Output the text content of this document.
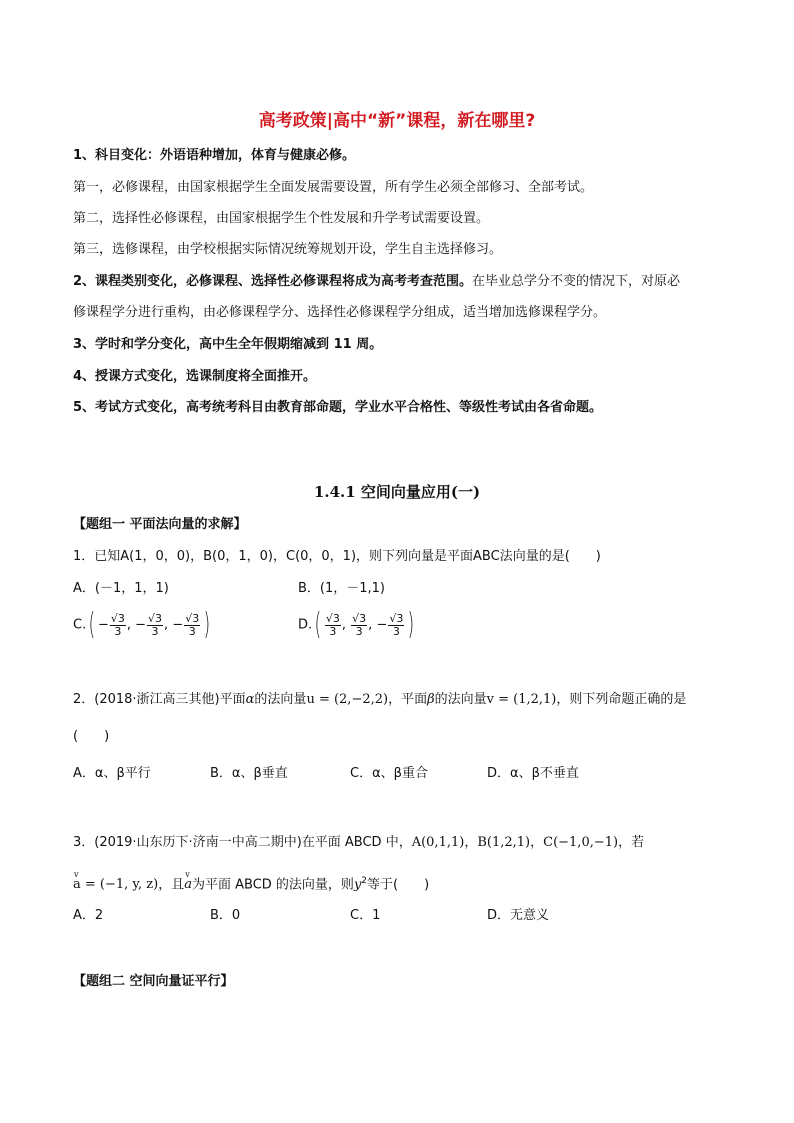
高考政策|高中“新”课程，新在哪里?
1、科目变化：外语语种增加，体育与健康必修。
第一，必修课程，由国家根据学生全面发展需要设置，所有学生必须全部修习、全部考试。
第二，选择性必修课程，由国家根据学生个性发展和升学考试需要设置。
第三，选修课程，由学校根据实际情况统筹规划开设，学生自主选择修习。
2、课程类别变化，必修课程、选择性必修课程将成为高考考查范围。在毕业总学分不变的情况下，对原必
修课程学分进行重构，由必修课程学分、选择性必修课程学分组成，适当增加选修课程学分。
3、学时和学分变化，高中生全年假期缩减到 11 周。
4、授课方式变化，选课制度将全面推开。
5、考试方式变化，高考统考科目由教育部命题，学业水平合格性、等级性考试由各省命题。
1.4.1 空间向量应用(一)
【题组一 平面法向量的求解】
1．已知A(1，0，0)，B(0，1，0)，C(0，0，1)，则下列向量是平面ABC法向量的是(　　)
A．(－1，1，1)	B．(1，－1,1)
$C.( - \frac{√3}{3}$ , − $\frac{√3}{3}$ , − $\frac{√3}{3}$ )	$D.( \frac{√3}{3}$ , $\frac{√3}{3}$ , − $\frac{√3}{3}$ )
2．(2018·浙江高三其他)平面α的法向量u = (2,−2,2)，平面β的法向量v = (1,2,1)，则下列命题正确的是
(　　)
A．α、β平行	B．α、β垂直	C．α、β重合	D．α、β不垂直
3．(2019·山东历下·济南一中高二期中)在平面 ABCD 中，A(0,1,1)，B(1,2,1)，C(−1,0,−1)，若
v a = (−1, y, z)，且v a为平面 ABCD 的法向量，则$y^2$等于(　　)
A．2	B．0	C．1	D．无意义
【题组二 空间向量证平行】
